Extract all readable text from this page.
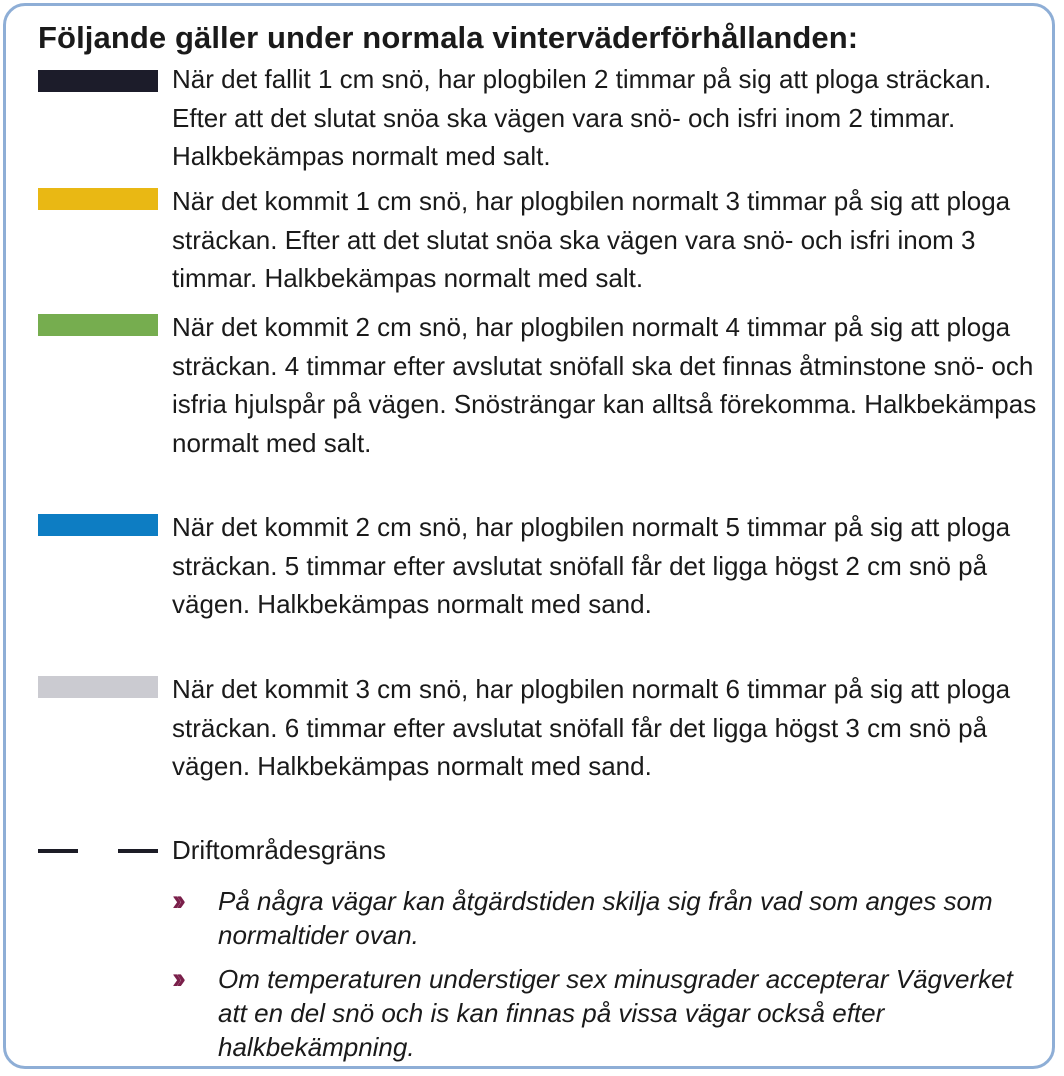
Följande gäller under normala vinterväderförhållanden:
När det fallit 1 cm snö, har plogbilen 2 timmar på sig att ploga sträckan. Efter att det slutat snöa ska vägen vara snö- och isfri inom 2 timmar. Halkbekämpas normalt med salt.
När det kommit 1 cm snö, har plogbilen normalt 3 timmar på sig att ploga sträckan. Efter att det slutat snöa ska vägen vara snö- och isfri inom 3 timmar. Halkbekämpas normalt med salt.
När det kommit 2 cm snö, har plogbilen normalt 4 timmar på sig att ploga sträckan. 4 timmar efter avslutat snöfall ska det finnas åtminstone snö- och isfria hjulspår på vägen. Snösträngar kan alltså förekomma. Halkbekämpas normalt med salt.
När det kommit 2 cm snö, har plogbilen normalt 5 timmar på sig att ploga sträckan. 5 timmar efter avslutat snöfall får det ligga högst 2 cm snö på vägen. Halkbekämpas normalt med sand.
När det kommit 3 cm snö, har plogbilen normalt 6 timmar på sig att ploga sträckan. 6 timmar efter avslutat snöfall får det ligga högst 3 cm snö på vägen. Halkbekämpas normalt med sand.
Driftområdesgräns
›› På några vägar kan åtgärdstiden skilja sig från vad som anges som normaltider ovan.
›› Om temperaturen understiger sex minusgrader accepterar Vägverket att en del snö och is kan finnas på vissa vägar också efter halkbekämpning.
